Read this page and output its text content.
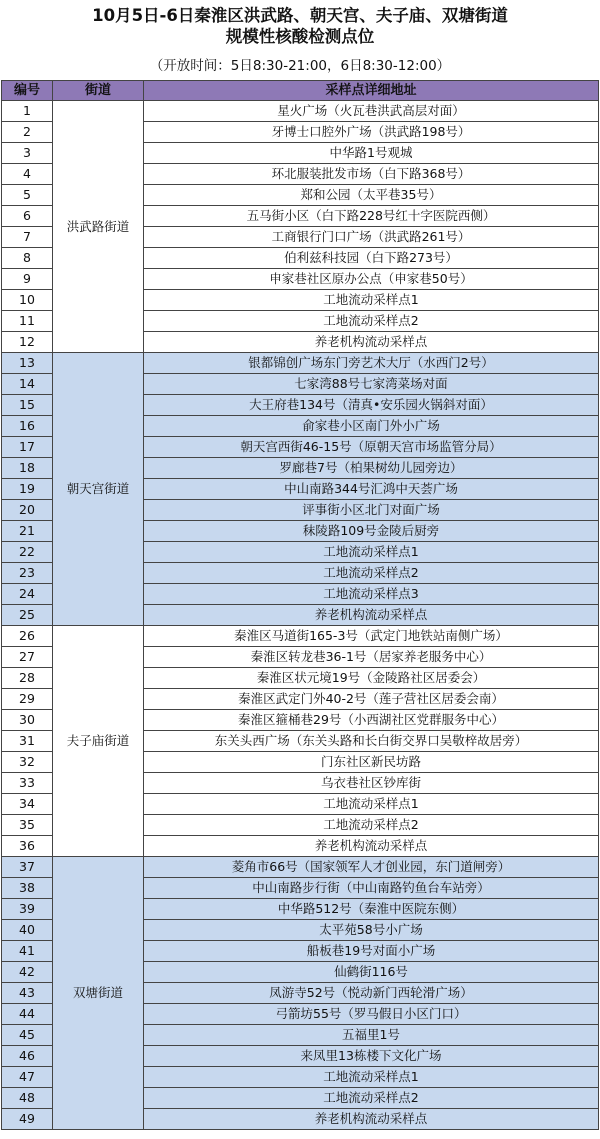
10月5日-6日秦淮区洪武路、朝天宫、夫子庙、双塘街道
规模性核酸检测点位
（开放时间：5日8:30-21:00，6日8:30-12:00）
编号	街道	采样点详细地址
1	洪武路街道	星火广场（火瓦巷洪武高层对面）
2		牙博士口腔外广场（洪武路198号）
3		中华路1号观城
4		环北服装批发市场（白下路368号）
5		郑和公园（太平巷35号）
6		五马街小区（白下路228号红十字医院西侧）
7		工商银行门口广场（洪武路261号）
8		伯利兹科技园（白下路273号）
9		申家巷社区原办公点（申家巷50号）
10		工地流动采样点1
11		工地流动采样点2
12		养老机构流动采样点
13	朝天宫街道	银都锦创广场东门旁艺术大厅（水西门2号）
14		七家湾88号七家湾菜场对面
15		大王府巷134号（清真•安乐园火锅斜对面）
16		俞家巷小区南门外小广场
17		朝天宫西街46-15号（原朝天宫市场监管分局）
18		罗廊巷7号（柏果树幼儿园旁边）
19		中山南路344号汇鸿中天荟广场
20		评事街小区北门对面广场
21		秣陵路109号金陵后厨旁
22		工地流动采样点1
23		工地流动采样点2
24		工地流动采样点3
25		养老机构流动采样点
26	夫子庙街道	秦淮区马道街165-3号（武定门地铁站南侧广场）
27		秦淮区转龙巷36-1号（居家养老服务中心）
28		秦淮区状元境19号（金陵路社区居委会）
29		秦淮区武定门外40-2号（莲子营社区居委会南）
30		秦淮区箍桶巷29号（小西湖社区党群服务中心）
31		东关头西广场（东关头路和长白街交界口吴敬梓故居旁）
32		门东社区新民坊路
33		乌衣巷社区钞库街
34		工地流动采样点1
35		工地流动采样点2
36		养老机构流动采样点
37	双塘街道	菱角市66号（国家领军人才创业园，东门道闸旁）
38		中山南路步行街（中山南路钓鱼台车站旁）
39		中华路512号（秦淮中医院东侧）
40		太平苑58号小广场
41		船板巷19号对面小广场
42		仙鹤街116号
43		凤游寺52号（悦动新门西轮滑广场）
44		弓箭坊55号（罗马假日小区门口）
45		五福里1号
46		来凤里13栋楼下文化广场
47		工地流动采样点1
48		工地流动采样点2
49		养老机构流动采样点
